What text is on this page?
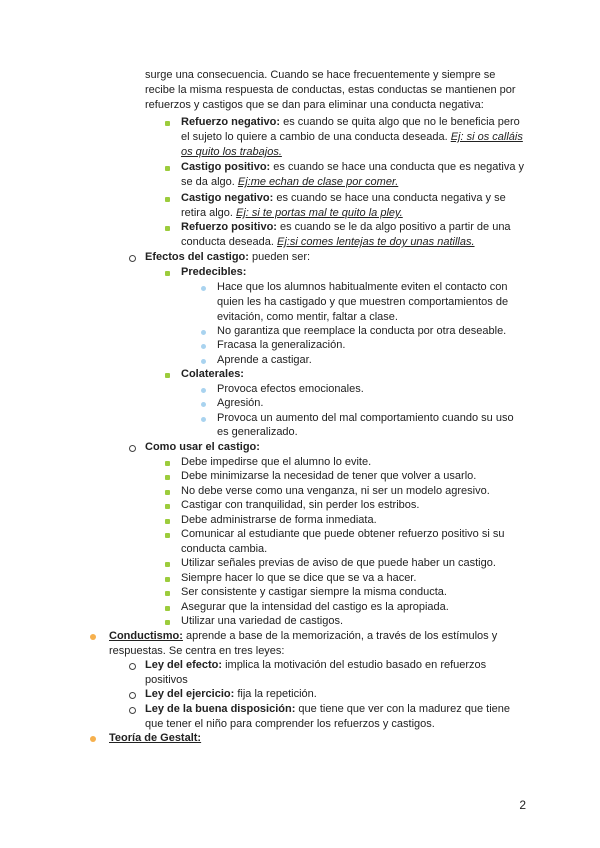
surge una consecuencia. Cuando se hace frecuentemente y siempre se
recibe la misma respuesta de conductas, estas conductas se mantienen por
refuerzos y castigos que se dan para eliminar una conducta negativa:
Refuerzo negativo: es cuando se quita algo que no le beneficia pero
el sujeto lo quiere a cambio de una conducta deseada. Ej: si os calláis
os quito los trabajos.
Castigo positivo: es cuando se hace una conducta que es negativa y
se da algo. Ej:me echan de clase por comer.
Castigo negativo: es cuando se hace una conducta negativa y se
retira algo. Ej: si te portas mal te quito la pley.
Refuerzo positivo: es cuando se le da algo positivo a partir de una
conducta deseada. Ej:si comes lentejas te doy unas natillas.
Efectos del castigo: pueden ser:
Predecibles:
Hace que los alumnos habitualmente eviten el contacto con
quien les ha castigado y que muestren comportamientos de
evitación, como mentir, faltar a clase.
No garantiza que reemplace la conducta por otra deseable.
Fracasa la generalización.
Aprende a castigar.
Colaterales:
Provoca efectos emocionales.
Agresión.
Provoca un aumento del mal comportamiento cuando su uso
es generalizado.
Como usar el castigo:
Debe impedirse que el alumno lo evite.
Debe minimizarse la necesidad de tener que volver a usarlo.
No debe verse como una venganza, ni ser un modelo agresivo.
Castigar con tranquilidad, sin perder los estribos.
Debe administrarse de forma inmediata.
Comunicar al estudiante que puede obtener refuerzo positivo si su
conducta cambia.
Utilizar señales previas de aviso de que puede haber un castigo.
Siempre hacer lo que se dice que se va a hacer.
Ser consistente y castigar siempre la misma conducta.
Asegurar que la intensidad del castigo es la apropiada.
Utilizar una variedad de castigos.
Conductismo: aprende a base de la memorización, a través de los estímulos y
respuestas. Se centra en tres leyes:
Ley del efecto: implica la motivación del estudio basado en refuerzos
positivos
Ley del ejercicio: fija la repetición.
Ley de la buena disposición: que tiene que ver con la madurez que tiene
que tener el niño para comprender los refuerzos y castigos.
Teoría de Gestalt:
2
